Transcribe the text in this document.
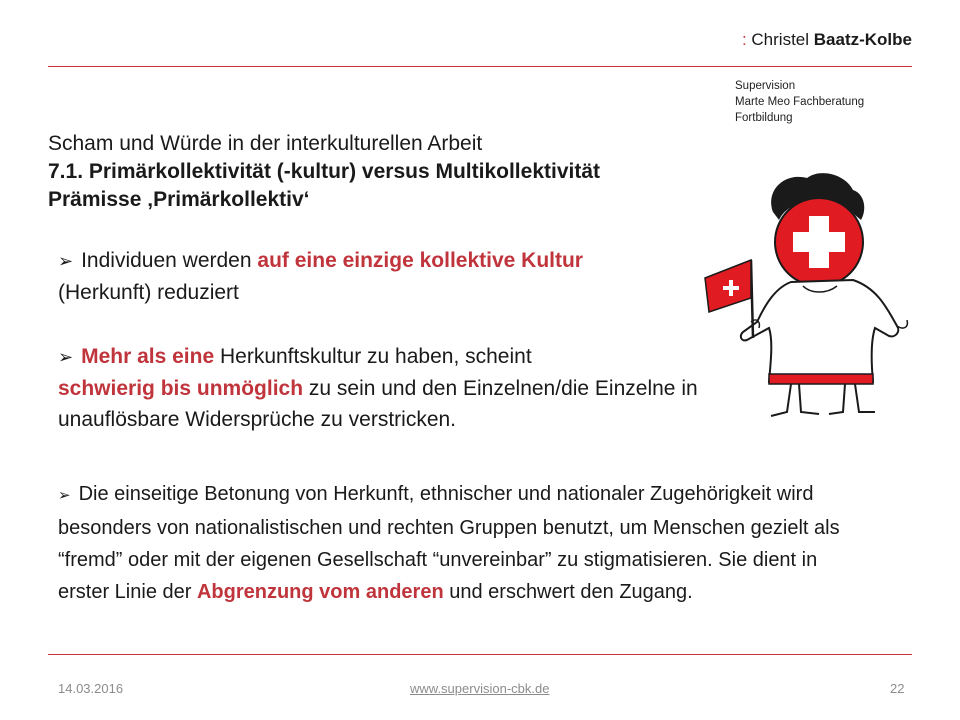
: Christel Baatz-Kolbe
Supervision
Marte Meo Fachberatung
Fortbildung
Scham und Würde in der interkulturellen Arbeit
7.1. Primärkollektivität (-kultur) versus Multikollektivität
Prämisse ‚Primärkollektiv‘
➢ Individuen werden auf eine einzige kollektive Kultur
(Herkunft) reduziert
➢ Mehr als eine Herkunftskultur zu haben, scheint
schwierig bis unmöglich zu sein und den Einzelnen/die Einzelne in unauflösbare Widersprüche zu verstricken.
➢ Die einseitige Betonung von Herkunft, ethnischer und nationaler Zugehörigkeit wird besonders von nationalistischen und rechten Gruppen benutzt, um Menschen gezielt als “fremd” oder mit der eigenen Gesellschaft “unvereinbar” zu stigmatisieren. Sie dient in erster Linie der Abgrenzung vom anderen und erschwert den Zugang.
14.03.2016	www.supervision-cbk.de	22
